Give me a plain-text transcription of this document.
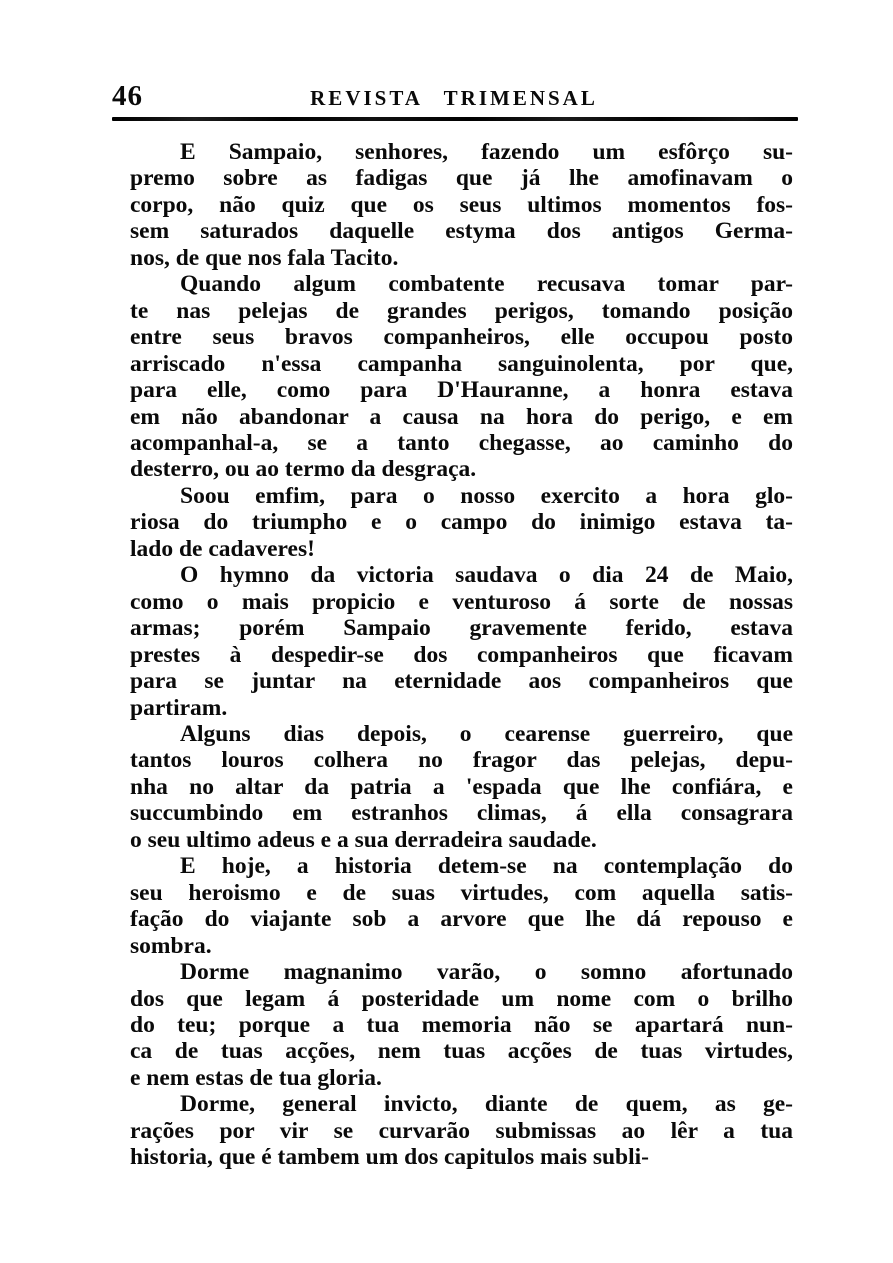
46	REVISTA TRIMENSAL
E Sampaio, senhores, fazendo um esfôrço su-
premo sobre as fadigas que já lhe amofinavam o
corpo, não quiz que os seus ultimos momentos fos-
sem saturados daquelle estyma dos antigos Germa-
nos, de que nos fala Tacito.
Quando algum combatente recusava tomar par-
te nas pelejas de grandes perigos, tomando posição
entre seus bravos companheiros, elle occupou posto
arriscado n'essa campanha sanguinolenta, por que,
para elle, como para D'Hauranne, a honra estava
em não abandonar a causa na hora do perigo, e em
acompanhal-a, se a tanto chegasse, ao caminho do
desterro, ou ao termo da desgraça.
Soou emfim, para o nosso exercito a hora glo-
riosa do triumpho e o campo do inimigo estava ta-
lado de cadaveres!
O hymno da victoria saudava o dia 24 de Maio,
como o mais propicio e venturoso á sorte de nossas
armas; porém Sampaio gravemente ferido, estava
prestes à despedir-se dos companheiros que ficavam
para se juntar na eternidade aos companheiros que
partiram.
Alguns dias depois, o cearense guerreiro, que
tantos louros colhera no fragor das pelejas, depu-
nha no altar da patria a 'espada que lhe confiára, e
succumbindo em estranhos climas, á ella consagrara
o seu ultimo adeus e a sua derradeira saudade.
E hoje, a historia detem-se na contemplação do
seu heroismo e de suas virtudes, com aquella satis-
fação do viajante sob a arvore que lhe dá repouso e
sombra.
Dorme magnanimo varão, o somno afortunado
dos que legam á posteridade um nome com o brilho
do teu; porque a tua memoria não se apartará nun-
ca de tuas acções, nem tuas acções de tuas virtudes,
e nem estas de tua gloria.
Dorme, general invicto, diante de quem, as ge-
rações por vir se curvarão submissas ao lêr a tua
historia, que é tambem um dos capitulos mais subli-
